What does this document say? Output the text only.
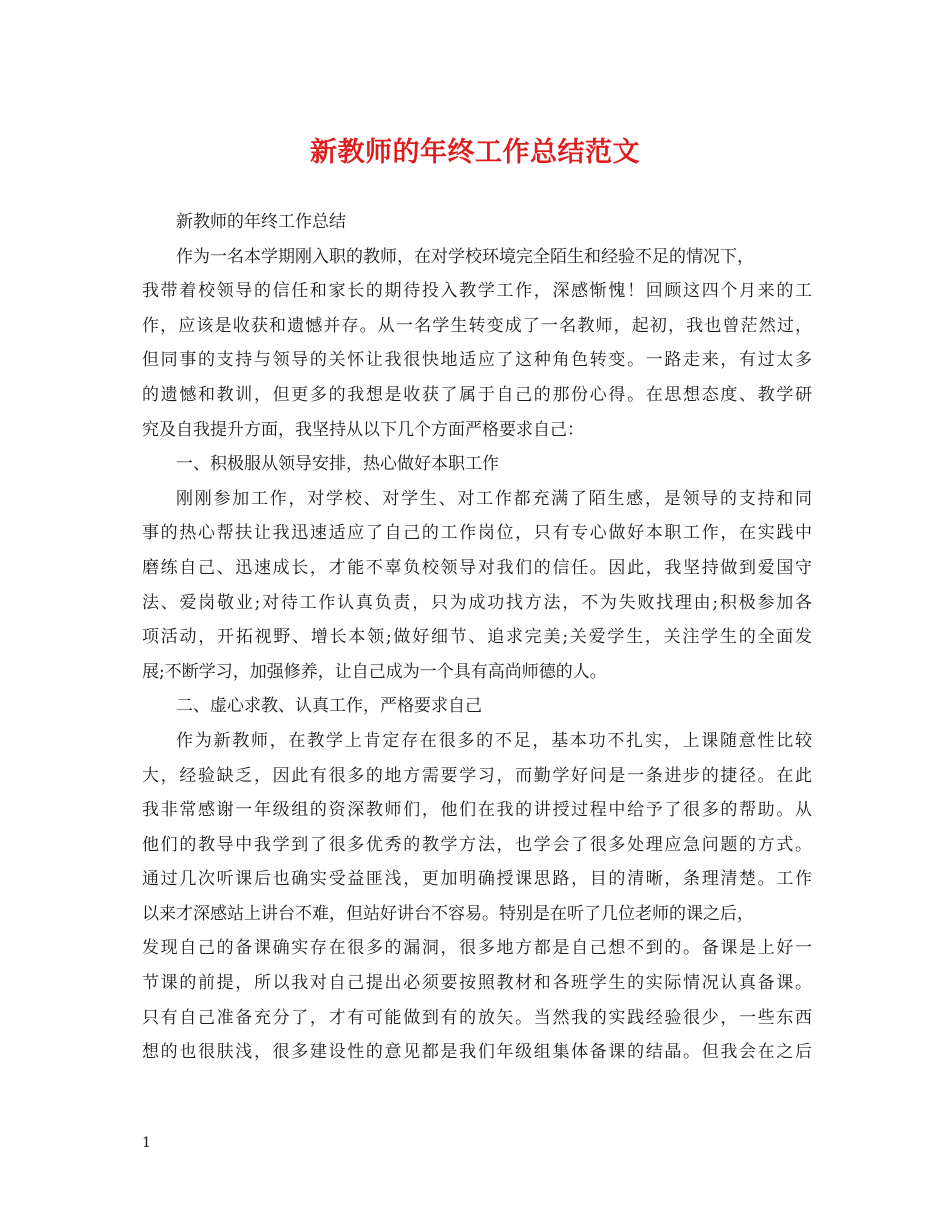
新教师的年终工作总结范文
新教师的年终工作总结
作为一名本学期刚入职的教师，在对学校环境完全陌生和经验不足的情况下，
我带着校领导的信任和家长的期待投入教学工作，深感惭愧！回顾这四个月来的工
作，应该是收获和遗憾并存。从一名学生转变成了一名教师，起初，我也曾茫然过，
但同事的支持与领导的关怀让我很快地适应了这种角色转变。一路走来，有过太多
的遗憾和教训，但更多的我想是收获了属于自己的那份心得。在思想态度、教学研
究及自我提升方面，我坚持从以下几个方面严格要求自己：
一、积极服从领导安排，热心做好本职工作
刚刚参加工作，对学校、对学生、对工作都充满了陌生感，是领导的支持和同
事的热心帮扶让我迅速适应了自己的工作岗位，只有专心做好本职工作，在实践中
磨练自己、迅速成长，才能不辜负校领导对我们的信任。因此，我坚持做到爱国守
法、爱岗敬业;对待工作认真负责，只为成功找方法，不为失败找理由;积极参加各
项活动，开拓视野、增长本领;做好细节、追求完美;关爱学生，关注学生的全面发
展;不断学习，加强修养，让自己成为一个具有高尚师德的人。
二、虚心求教、认真工作，严格要求自己
作为新教师，在教学上肯定存在很多的不足，基本功不扎实，上课随意性比较
大，经验缺乏，因此有很多的地方需要学习，而勤学好问是一条进步的捷径。在此
我非常感谢一年级组的资深教师们，他们在我的讲授过程中给予了很多的帮助。从
他们的教导中我学到了很多优秀的教学方法，也学会了很多处理应急问题的方式。
通过几次听课后也确实受益匪浅，更加明确授课思路，目的清晰，条理清楚。工作
以来才深感站上讲台不难，但站好讲台不容易。特别是在听了几位老师的课之后，
发现自己的备课确实存在很多的漏洞，很多地方都是自己想不到的。备课是上好一
节课的前提，所以我对自己提出必须要按照教材和各班学生的实际情况认真备课。
只有自己准备充分了，才有可能做到有的放矢。当然我的实践经验很少，一些东西
想的也很肤浅，很多建设性的意见都是我们年级组集体备课的结晶。但我会在之后
1
